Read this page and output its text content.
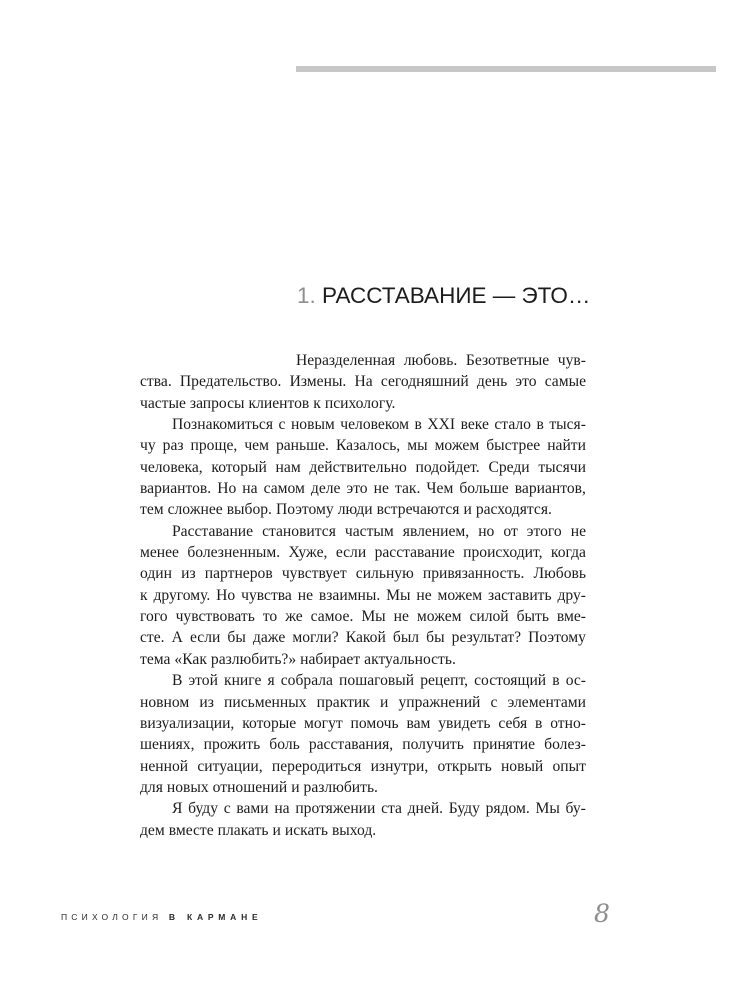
1. РАССТАВАНИЕ — ЭТО…
Неразделенная любовь. Безответные чув-
ства. Предательство. Измены. На сегодняшний день это самые
частые запросы клиентов к психологу.
Познакомиться с новым человеком в XXI веке стало в тыся-
чу раз проще, чем раньше. Казалось, мы можем быстрее найти
человека, который нам действительно подойдет. Среди тысячи
вариантов. Но на самом деле это не так. Чем больше вариантов,
тем сложнее выбор. Поэтому люди встречаются и расходятся.
Расставание становится частым явлением, но от этого не
менее болезненным. Хуже, если расставание происходит, когда
один из партнеров чувствует сильную привязанность. Любовь
к другому. Но чувства не взаимны. Мы не можем заставить дру-
гого чувствовать то же самое. Мы не можем силой быть вме-
сте. А если бы даже могли? Какой был бы результат? Поэтому
тема «Как разлюбить?» набирает актуальность.
В этой книге я собрала пошаговый рецепт, состоящий в ос-
новном из письменных практик и упражнений с элементами
визуализации, которые могут помочь вам увидеть себя в отно-
шениях, прожить боль расставания, получить принятие болез-
ненной ситуации, переродиться изнутри, открыть новый опыт
для новых отношений и разлюбить.
Я буду с вами на протяжении ста дней. Буду рядом. Мы бу-
дем вместе плакать и искать выход.
ПСИХОЛОГИЯ В КАРМАНЕ	8
